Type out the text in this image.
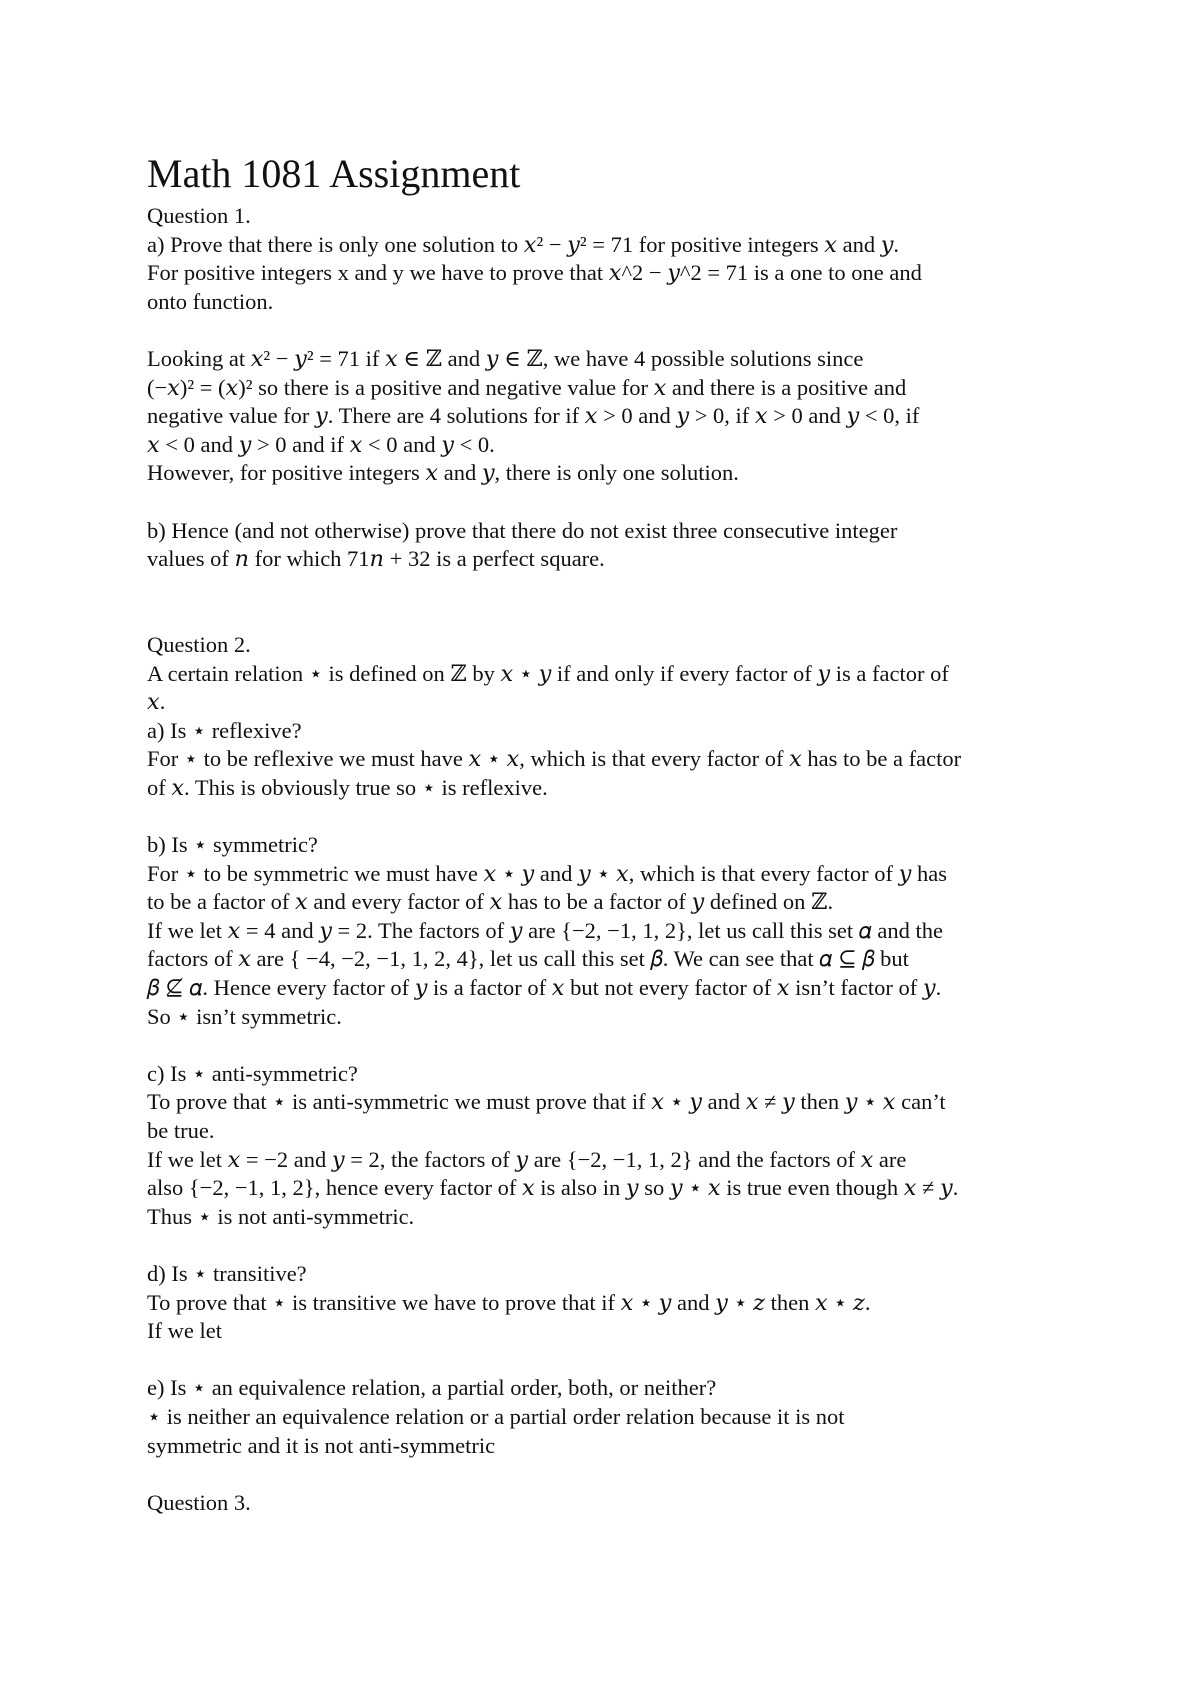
Math 1081 Assignment
Question 1.
a) Prove that there is only one solution to 𝑥² − 𝑦² = 71 for positive integers 𝑥 and 𝑦.
For positive integers x and y we have to prove that 𝑥^2 − 𝑦^2 = 71 is a one to one and
onto function.
Looking at 𝑥² − 𝑦² = 71 if 𝑥 ∈ ℤ and 𝑦 ∈ ℤ, we have 4 possible solutions since
(−𝑥)² = (𝑥)² so there is a positive and negative value for 𝑥 and there is a positive and
negative value for 𝑦. There are 4 solutions for if 𝑥 > 0 and 𝑦 > 0, if 𝑥 > 0 and 𝑦 < 0, if
𝑥 < 0 and 𝑦 > 0 and if 𝑥 < 0 and 𝑦 < 0.
However, for positive integers 𝑥 and 𝑦, there is only one solution.
b) Hence (and not otherwise) prove that there do not exist three consecutive integer
values of 𝑛 for which 71𝑛 + 32 is a perfect square.
Question 2.
A certain relation ⋆ is defined on ℤ by 𝑥 ⋆ 𝑦 if and only if every factor of 𝑦 is a factor of
𝑥.
a) Is ⋆ reflexive?
For ⋆ to be reflexive we must have 𝑥 ⋆ 𝑥, which is that every factor of 𝑥 has to be a factor
of 𝑥. This is obviously true so ⋆ is reflexive.
b) Is ⋆ symmetric?
For ⋆ to be symmetric we must have 𝑥 ⋆ 𝑦 and 𝑦 ⋆ 𝑥, which is that every factor of 𝑦 has
to be a factor of 𝑥 and every factor of 𝑥 has to be a factor of 𝑦 defined on ℤ.
If we let 𝑥 = 4 and 𝑦 = 2. The factors of 𝑦 are {−2, −1, 1, 2}, let us call this set 𝛼 and the
factors of 𝑥 are { −4, −2, −1, 1, 2, 4}, let us call this set 𝛽. We can see that 𝛼 ⊆ 𝛽 but
𝛽 ⊈ 𝛼. Hence every factor of 𝑦 is a factor of 𝑥 but not every factor of 𝑥 isn’t factor of 𝑦.
So ⋆ isn’t symmetric.
c) Is ⋆ anti-symmetric?
To prove that ⋆ is anti-symmetric we must prove that if 𝑥 ⋆ 𝑦 and 𝑥 ≠ 𝑦 then 𝑦 ⋆ 𝑥 can’t
be true.
If we let 𝑥 = −2 and 𝑦 = 2, the factors of 𝑦 are {−2, −1, 1, 2} and the factors of 𝑥 are
also {−2, −1, 1, 2}, hence every factor of 𝑥 is also in 𝑦 so 𝑦 ⋆ 𝑥 is true even though 𝑥 ≠ 𝑦.
Thus ⋆ is not anti-symmetric.
d) Is ⋆ transitive?
To prove that ⋆ is transitive we have to prove that if 𝑥 ⋆ 𝑦 and 𝑦 ⋆ 𝑧 then 𝑥 ⋆ 𝑧.
If we let
e) Is ⋆ an equivalence relation, a partial order, both, or neither?
⋆ is neither an equivalence relation or a partial order relation because it is not
symmetric and it is not anti-symmetric
Question 3.
